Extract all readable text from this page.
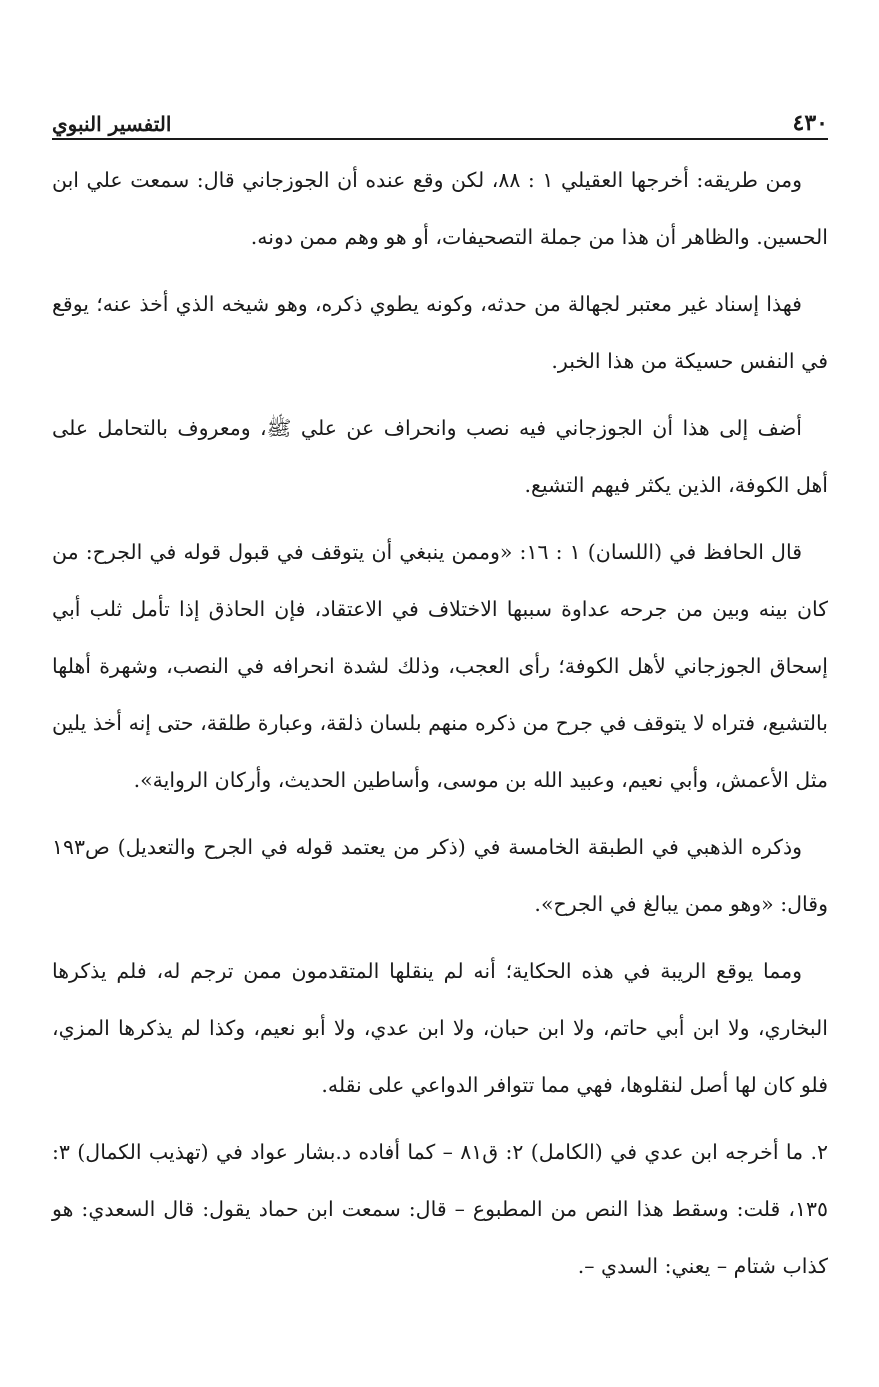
٤٣٠
التفسير النبوي

ومن طريقه: أخرجها العقيلي ١ : ٨٨، لكن وقع عنده أن الجوزجاني قال: سمعت علي ابن الحسين. والظاهر أن هذا من جملة التصحيفات، أو هو وهم ممن دونه.

فهذا إسناد غير معتبر لجهالة من حدثه، وكونه يطوي ذكره، وهو شيخه الذي أخذ عنه؛ يوقع في النفس حسيكة من هذا الخبر.

أضف إلى هذا أن الجوزجاني فيه نصب وانحراف عن علي ﷺ، ومعروف بالتحامل على أهل الكوفة، الذين يكثر فيهم التشيع.

قال الحافظ في (اللسان) ١ : ١٦: «وممن ينبغي أن يتوقف في قبول قوله في الجرح: من كان بينه وبين من جرحه عداوة سببها الاختلاف في الاعتقاد، فإن الحاذق إذا تأمل ثلب أبي إسحاق الجوزجاني لأهل الكوفة؛ رأى العجب، وذلك لشدة انحرافه في النصب، وشهرة أهلها بالتشيع، فتراه لا يتوقف في جرح من ذكره منهم بلسان ذلقة، وعبارة طلقة، حتى إنه أخذ يلين مثل الأعمش، وأبي نعيم، وعبيد الله بن موسى، وأساطين الحديث، وأركان الرواية».

وذكره الذهبي في الطبقة الخامسة في (ذكر من يعتمد قوله في الجرح والتعديل) ص١٩٣ وقال: «وهو ممن يبالغ في الجرح».

ومما يوقع الريبة في هذه الحكاية؛ أنه لم ينقلها المتقدمون ممن ترجم له، فلم يذكرها البخاري، ولا ابن أبي حاتم، ولا ابن حبان، ولا ابن عدي، ولا أبو نعيم، وكذا لم يذكرها المزي، فلو كان لها أصل لنقلوها، فهي مما تتوافر الدواعي على نقله.

٢. ما أخرجه ابن عدي في (الكامل) ٢: ق٨١ – كما أفاده د.بشار عواد في (تهذيب الكمال) ٣: ١٣٥، قلت: وسقط هذا النص من المطبوع – قال: سمعت ابن حماد يقول: قال السعدي: هو كذاب شتام – يعني: السدي –.
